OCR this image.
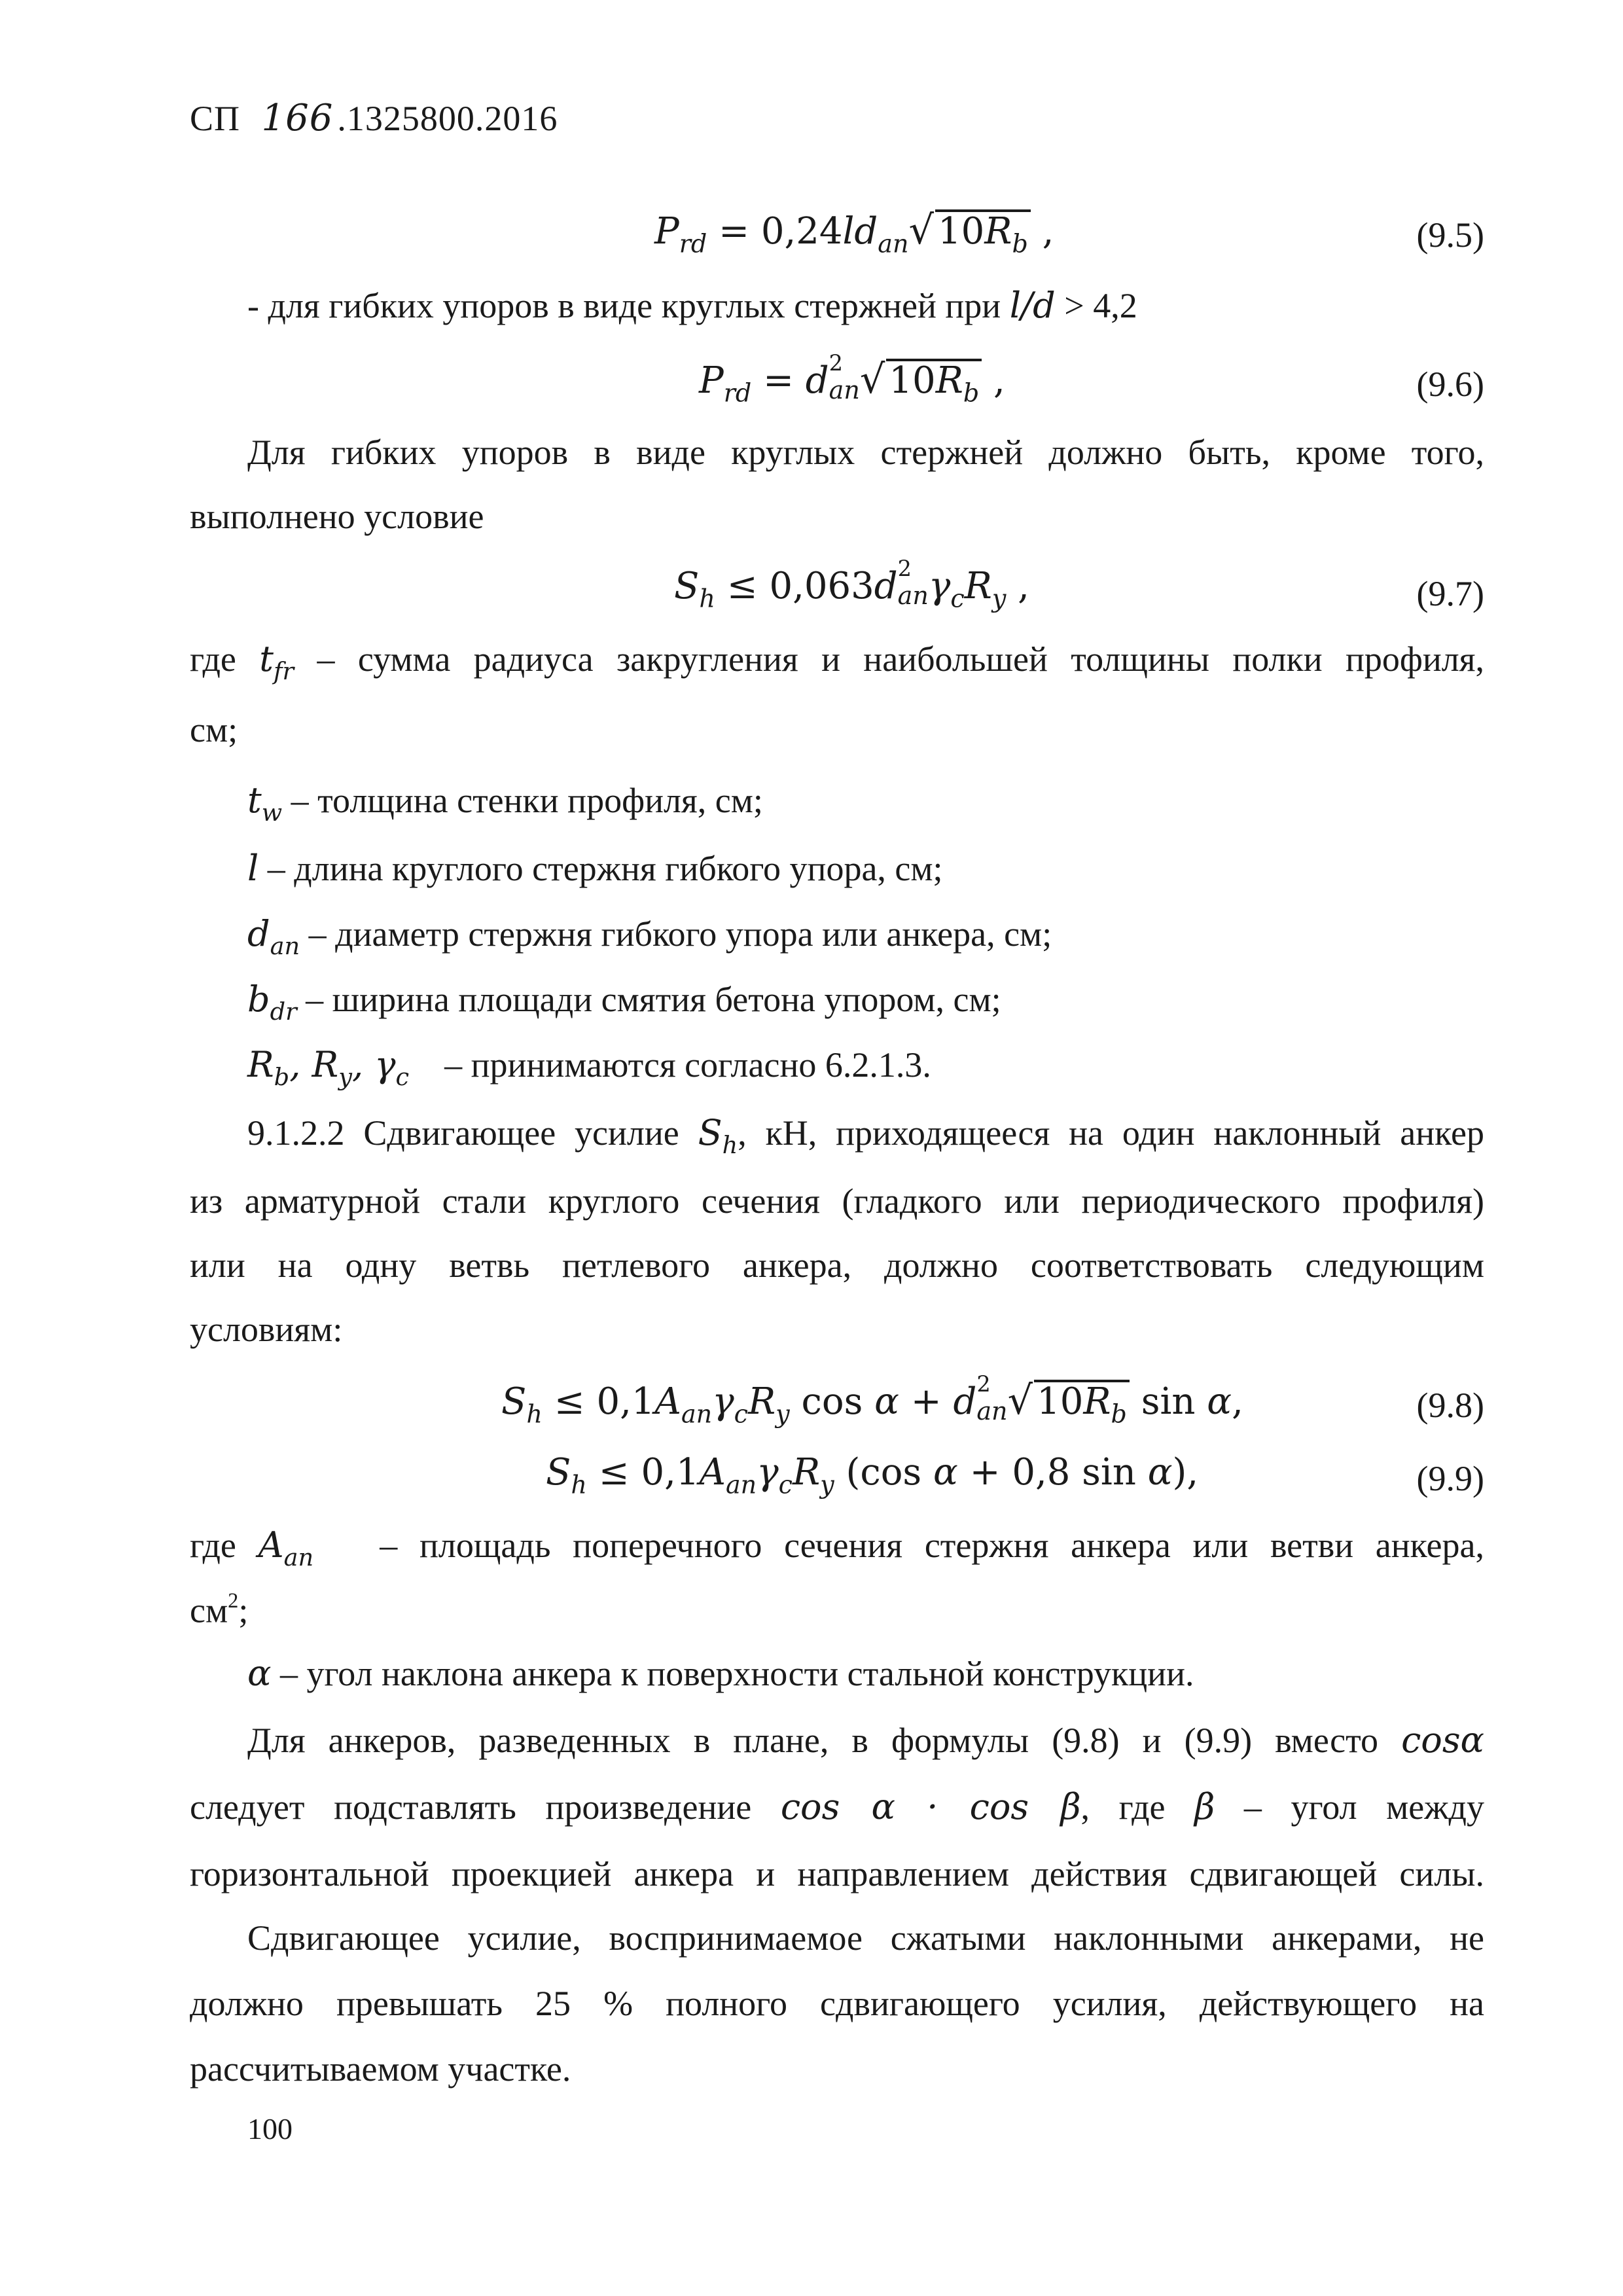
СП 166 .1325800.2016
$P_{rd} = 0,24ld_{an}√$ $10R_b$ ,	(9.5)
- для гибких упоров в виде круглых стержней при l/d > 4,2
$P_{rd} = d$ 2
an √ $10R_b$ ,	(9.6)
Для гибких упоров в виде круглых стержней должно быть, кроме того,
выполнено условие
$S_h \le 0,063d$ 2
an $\gamma_cR_y$ ,	(9.7)
где $t_{fr}$ – сумма радиуса закругления и наибольшей толщины полки профиля,
см;
$t_w$ – толщина стенки профиля, см;
l – длина круглого стержня гибкого упора, см;
$d_{an}$ – диаметр стержня гибкого упора или анкера, см;
$b_{dr}$ – ширина площади смятия бетона упором, см;
$R_b$, $R_y$, $\gamma_c$ – принимаются согласно 6.2.1.3.
9.1.2.2 Сдвигающее усилие $S_h$, кН, приходящееся на один наклонный анкер
из арматурной стали круглого сечения (гладкого или периодического профиля)
или на одну ветвь петлевого анкера, должно соответствовать следующим
условиям:
$S_h \le 0,1A_{an}\gamma_cR_y$ cos α + d 2
an √ $10R_b$ sin α,	(9.8)
$S_h \le 0,1A_{an}\gamma_cR_y$ (cos α + 0,8 sin α),	(9.9)
где $A_{an}$ – площадь поперечного сечения стержня анкера или ветви анкера,
$см^2$;
α – угол наклона анкера к поверхности стальной конструкции.
Для анкеров, разведенных в плане, в формулы (9.8) и (9.9) вместо cosα
следует подставлять произведение cos α · cos β, где β – угол между
горизонтальной проекцией анкера и направлением действия сдвигающей силы.
Сдвигающее усилие, воспринимаемое сжатыми наклонными анкерами, не
должно превышать 25 % полного сдвигающего усилия, действующего на
рассчитываемом участке.
100
